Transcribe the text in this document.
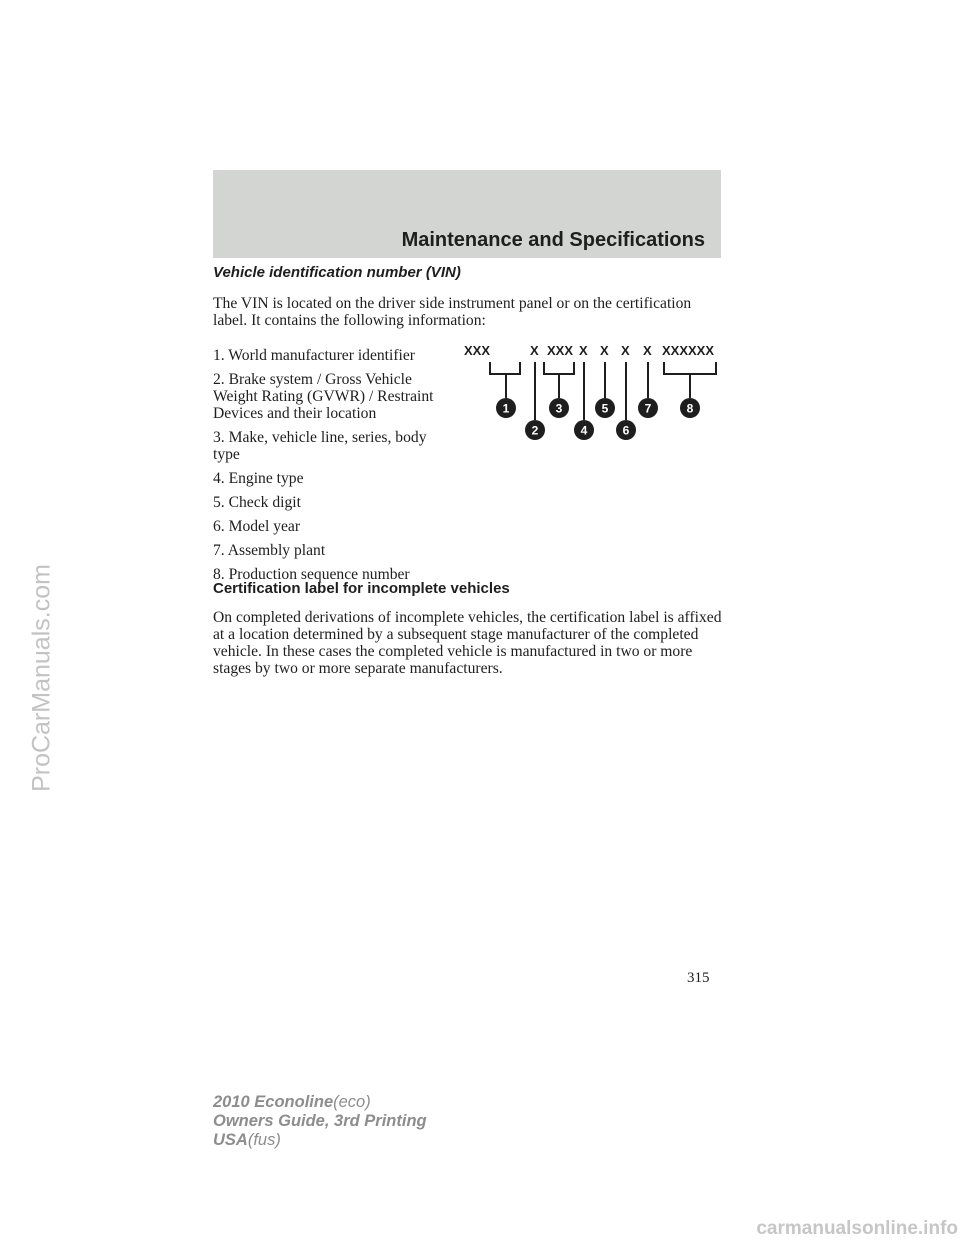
Maintenance and Specifications
Vehicle identification number (VIN)

The VIN is located on the driver side instrument panel or on the certification label. It contains the following information:

1. World manufacturer identifier
2. Brake system / Gross Vehicle Weight Rating (GVWR) / Restraint Devices and their location
3. Make, vehicle line, series, body type
4. Engine type
5. Check digit
6. Model year
7. Assembly plant
8. Production sequence number
XXX	X XXX X X X X XXXXXX
1
2
3
4
5
6
7	8
Certification label for incomplete vehicles

On completed derivations of incomplete vehicles, the certification label is affixed at a location determined by a subsequent stage manufacturer of the completed vehicle. In these cases the completed vehicle is manufactured in two or more stages by two or more separate manufacturers.

315
2010 Econoline(eco)
Owners Guide, 3rd Printing
USA(fus)
ProCarManuals.com
carmanualsonline.info
